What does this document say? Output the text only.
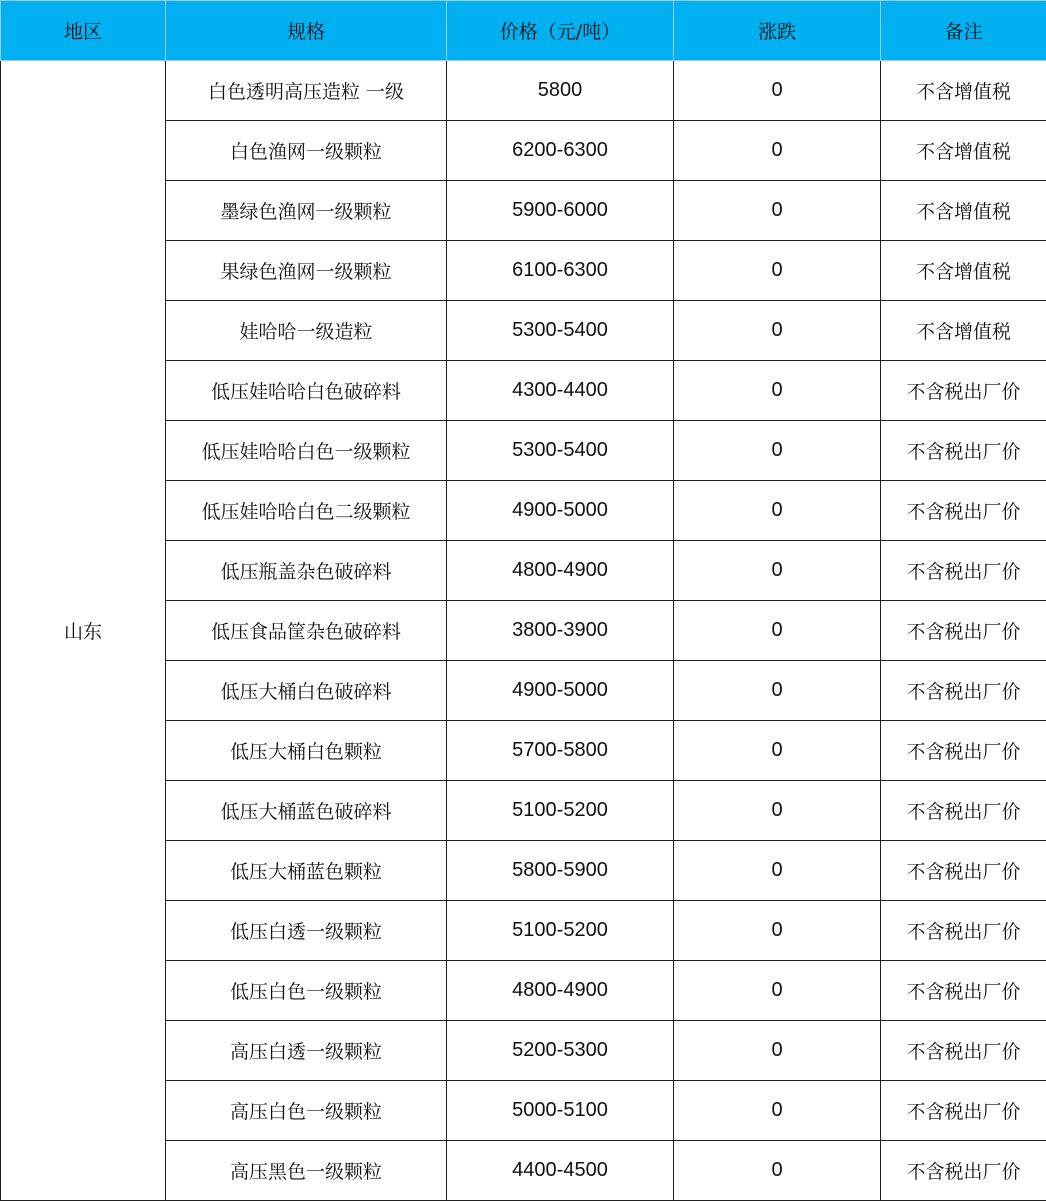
地区	规格	价格（元/吨）	涨跌	备注
山东	白色透明高压造粒 一级	5800	0	不含增值税
	白色渔网一级颗粒	6200-6300	0	不含增值税
	墨绿色渔网一级颗粒	5900-6000	0	不含增值税
	果绿色渔网一级颗粒	6100-6300	0	不含增值税
	娃哈哈一级造粒	5300-5400	0	不含增值税
	低压娃哈哈白色破碎料	4300-4400	0	不含税出厂价
	低压娃哈哈白色一级颗粒	5300-5400	0	不含税出厂价
	低压娃哈哈白色二级颗粒	4900-5000	0	不含税出厂价
	低压瓶盖杂色破碎料	4800-4900	0	不含税出厂价
	低压食品筐杂色破碎料	3800-3900	0	不含税出厂价
	低压大桶白色破碎料	4900-5000	0	不含税出厂价
	低压大桶白色颗粒	5700-5800	0	不含税出厂价
	低压大桶蓝色破碎料	5100-5200	0	不含税出厂价
	低压大桶蓝色颗粒	5800-5900	0	不含税出厂价
	低压白透一级颗粒	5100-5200	0	不含税出厂价
	低压白色一级颗粒	4800-4900	0	不含税出厂价
	高压白透一级颗粒	5200-5300	0	不含税出厂价
	高压白色一级颗粒	5000-5100	0	不含税出厂价
	高压黑色一级颗粒	4400-4500	0	不含税出厂价
